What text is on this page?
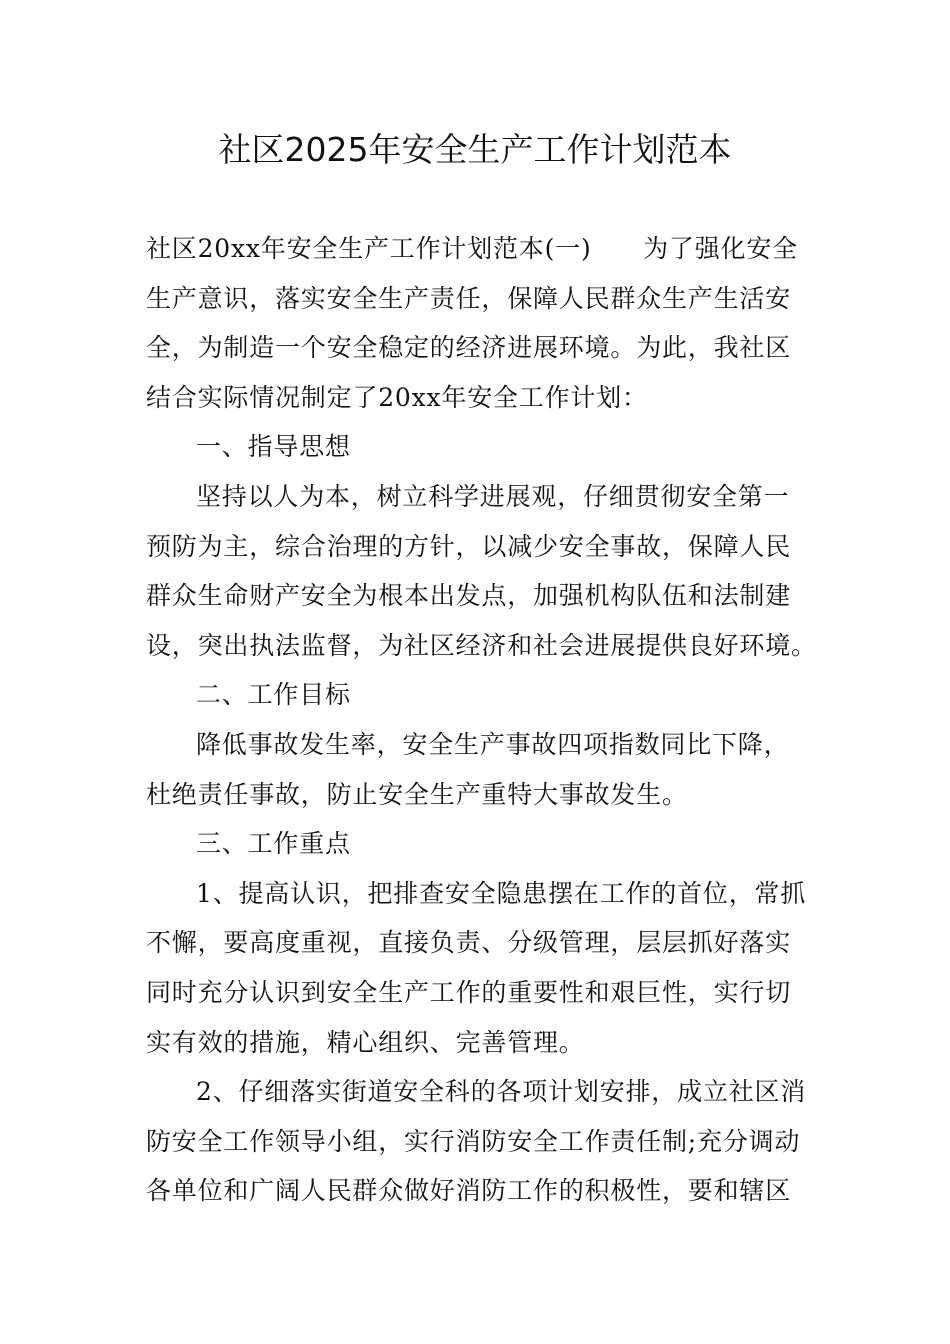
社区2025年安全生产工作计划范本
社区20xx年安全生产工作计划范本(一)　　为了强化安全
生产意识，落实安全生产责任，保障人民群众生产生活安
全，为制造一个安全稳定的经济进展环境。为此，我社区
结合实际情况制定了20xx年安全工作计划：
一、指导思想
坚持以人为本，树立科学进展观，仔细贯彻安全第一
预防为主，综合治理的方针，以减少安全事故，保障人民
群众生命财产安全为根本出发点，加强机构队伍和法制建
设，突出执法监督，为社区经济和社会进展提供良好环境。
二、工作目标
降低事故发生率，安全生产事故四项指数同比下降，
杜绝责任事故，防止安全生产重特大事故发生。
三、工作重点
1、提高认识，把排查安全隐患摆在工作的首位，常抓
不懈，要高度重视，直接负责、分级管理，层层抓好落实
同时充分认识到安全生产工作的重要性和艰巨性，实行切
实有效的措施，精心组织、完善管理。
2、仔细落实街道安全科的各项计划安排，成立社区消
防安全工作领导小组，实行消防安全工作责任制;充分调动
各单位和广阔人民群众做好消防工作的积极性，要和辖区
